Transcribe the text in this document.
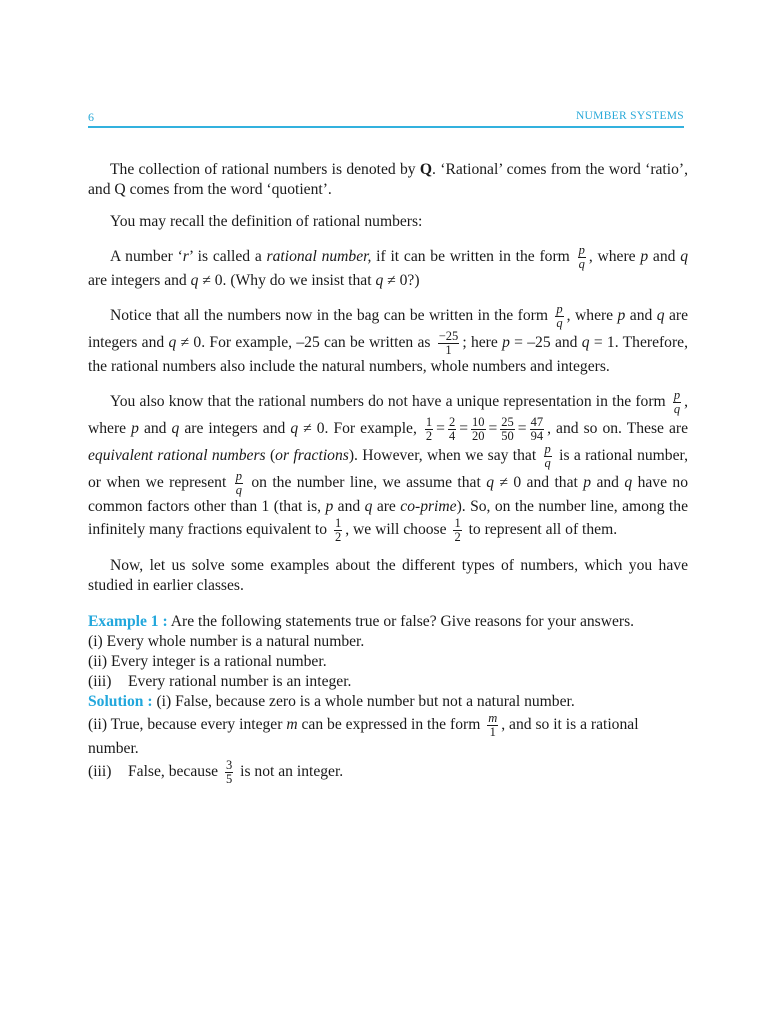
6	NUMBER SYSTEMS

The collection of rational numbers is denoted by Q. ‘Rational’ comes from the word ‘ratio’, and Q comes from the word ‘quotient’.

You may recall the definition of rational numbers:

A number ‘r’ is called a rational number, if it can be written in the form $\frac{p}{q}$ , where p and q are integers and q ≠ 0. (Why do we insist that q ≠ 0?)

Notice that all the numbers now in the bag can be written in the form $\frac{p}{q}$ , where p and q are integers and q ≠ 0. For example, –25 can be written as $\frac{-25}{1}$ ; here p = –25 and q = 1. Therefore, the rational numbers also include the natural numbers, whole numbers and integers.

You also know that the rational numbers do not have a unique representation in the form $\frac{p}{q}$ , where p and q are integers and q ≠ 0. For example, $\frac{1}{2} = \frac{2}{4} = \frac{10}{20} = \frac{25}{50} = \frac{47}{94}$ , and so on. These are equivalent rational numbers (or fractions). However, when we say that $\frac{p}{q}$ is a rational number, or when we represent $\frac{p}{q}$ on the number line, we assume that q ≠ 0 and that p and q have no common factors other than 1 (that is, p and q are co-prime). So, on the number line, among the infinitely many fractions equivalent to $\frac{1}{2}$ , we will choose $\frac{1}{2}$ to represent all of them.

Now, let us solve some examples about the different types of numbers, which you have studied in earlier classes.

Example 1 : Are the following statements true or false? Give reasons for your answers.

(i) Every whole number is a natural number.

(ii) Every integer is a rational number.

(iii) Every rational number is an integer.

Solution : (i) False, because zero is a whole number but not a natural number.

(ii) True, because every integer m can be expressed in the form $\frac{m}{1}$ , and so it is a rational number.

(iii) False, because $\frac{3}{5}$ is not an integer.
